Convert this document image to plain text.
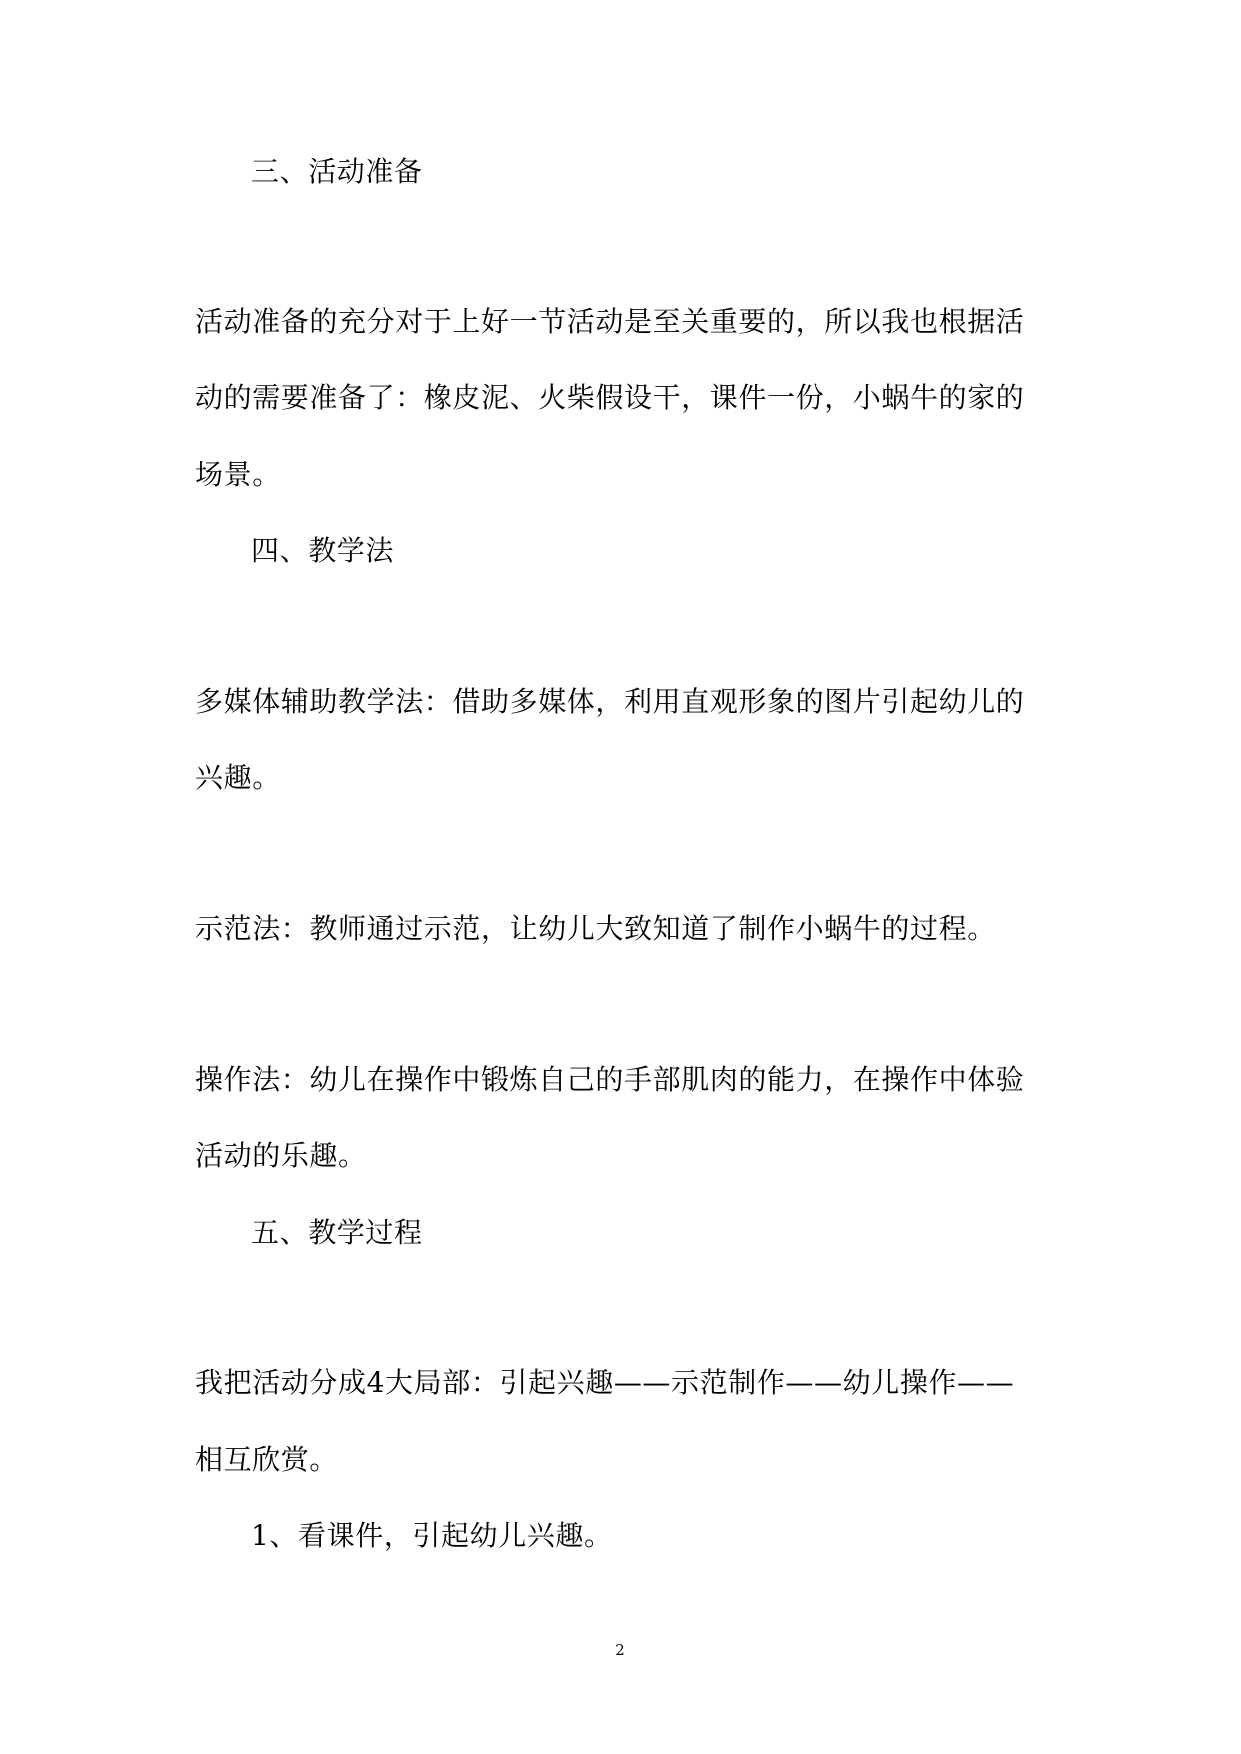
三、活动准备
活动准备的充分对于上好一节活动是至关重要的，所以我也根据活
动的需要准备了：橡皮泥、火柴假设干，课件一份，小蜗牛的家的
场景。
四、教学法
多媒体辅助教学法：借助多媒体，利用直观形象的图片引起幼儿的
兴趣。
示范法：教师通过示范，让幼儿大致知道了制作小蜗牛的过程。
操作法：幼儿在操作中锻炼自己的手部肌肉的能力，在操作中体验
活动的乐趣。
五、教学过程
我把活动分成4大局部：引起兴趣——示范制作——幼儿操作——
相互欣赏。
1、看课件，引起幼儿兴趣。
2
